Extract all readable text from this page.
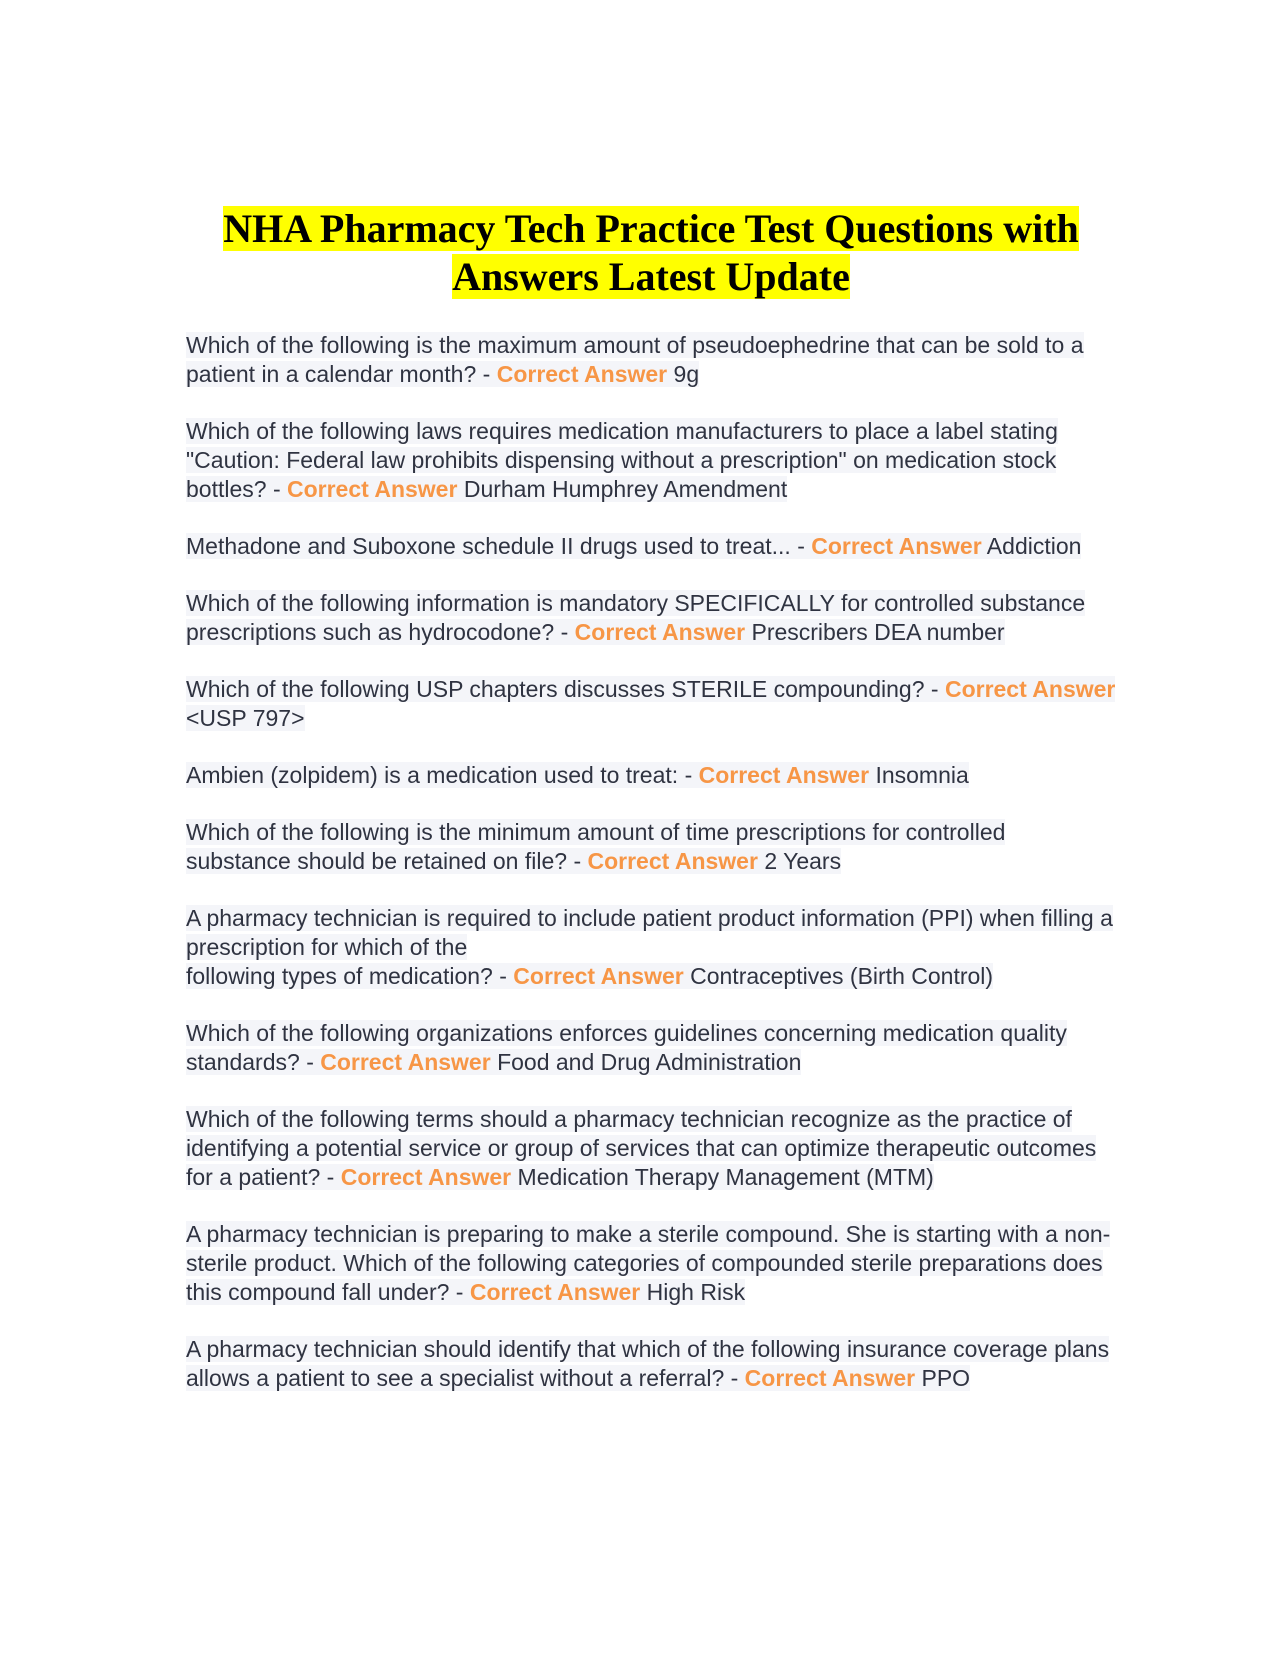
NHA Pharmacy Tech Practice Test Questions with Answers Latest Update

Which of the following is the maximum amount of pseudoephedrine that can be sold to a patient in a calendar month? - Correct Answer 9g

Which of the following laws requires medication manufacturers to place a label stating "Caution: Federal law prohibits dispensing without a prescription" on medication stock bottles? - Correct Answer Durham Humphrey Amendment

Methadone and Suboxone schedule II drugs used to treat... - Correct Answer Addiction

Which of the following information is mandatory SPECIFICALLY for controlled substance prescriptions such as hydrocodone? - Correct Answer Prescribers DEA number

Which of the following USP chapters discusses STERILE compounding? - Correct Answer <USP 797>

Ambien (zolpidem) is a medication used to treat: - Correct Answer Insomnia

Which of the following is the minimum amount of time prescriptions for controlled substance should be retained on file? - Correct Answer 2 Years

A pharmacy technician is required to include patient product information (PPI) when filling a prescription for which of the
following types of medication? - Correct Answer Contraceptives (Birth Control)

Which of the following organizations enforces guidelines concerning medication quality standards? - Correct Answer Food and Drug Administration

Which of the following terms should a pharmacy technician recognize as the practice of identifying a potential service or group of services that can optimize therapeutic outcomes for a patient? - Correct Answer Medication Therapy Management (MTM)

A pharmacy technician is preparing to make a sterile compound. She is starting with a non-sterile product. Which of the following categories of compounded sterile preparations does this compound fall under? - Correct Answer High Risk

A pharmacy technician should identify that which of the following insurance coverage plans allows a patient to see a specialist without a referral? - Correct Answer PPO
